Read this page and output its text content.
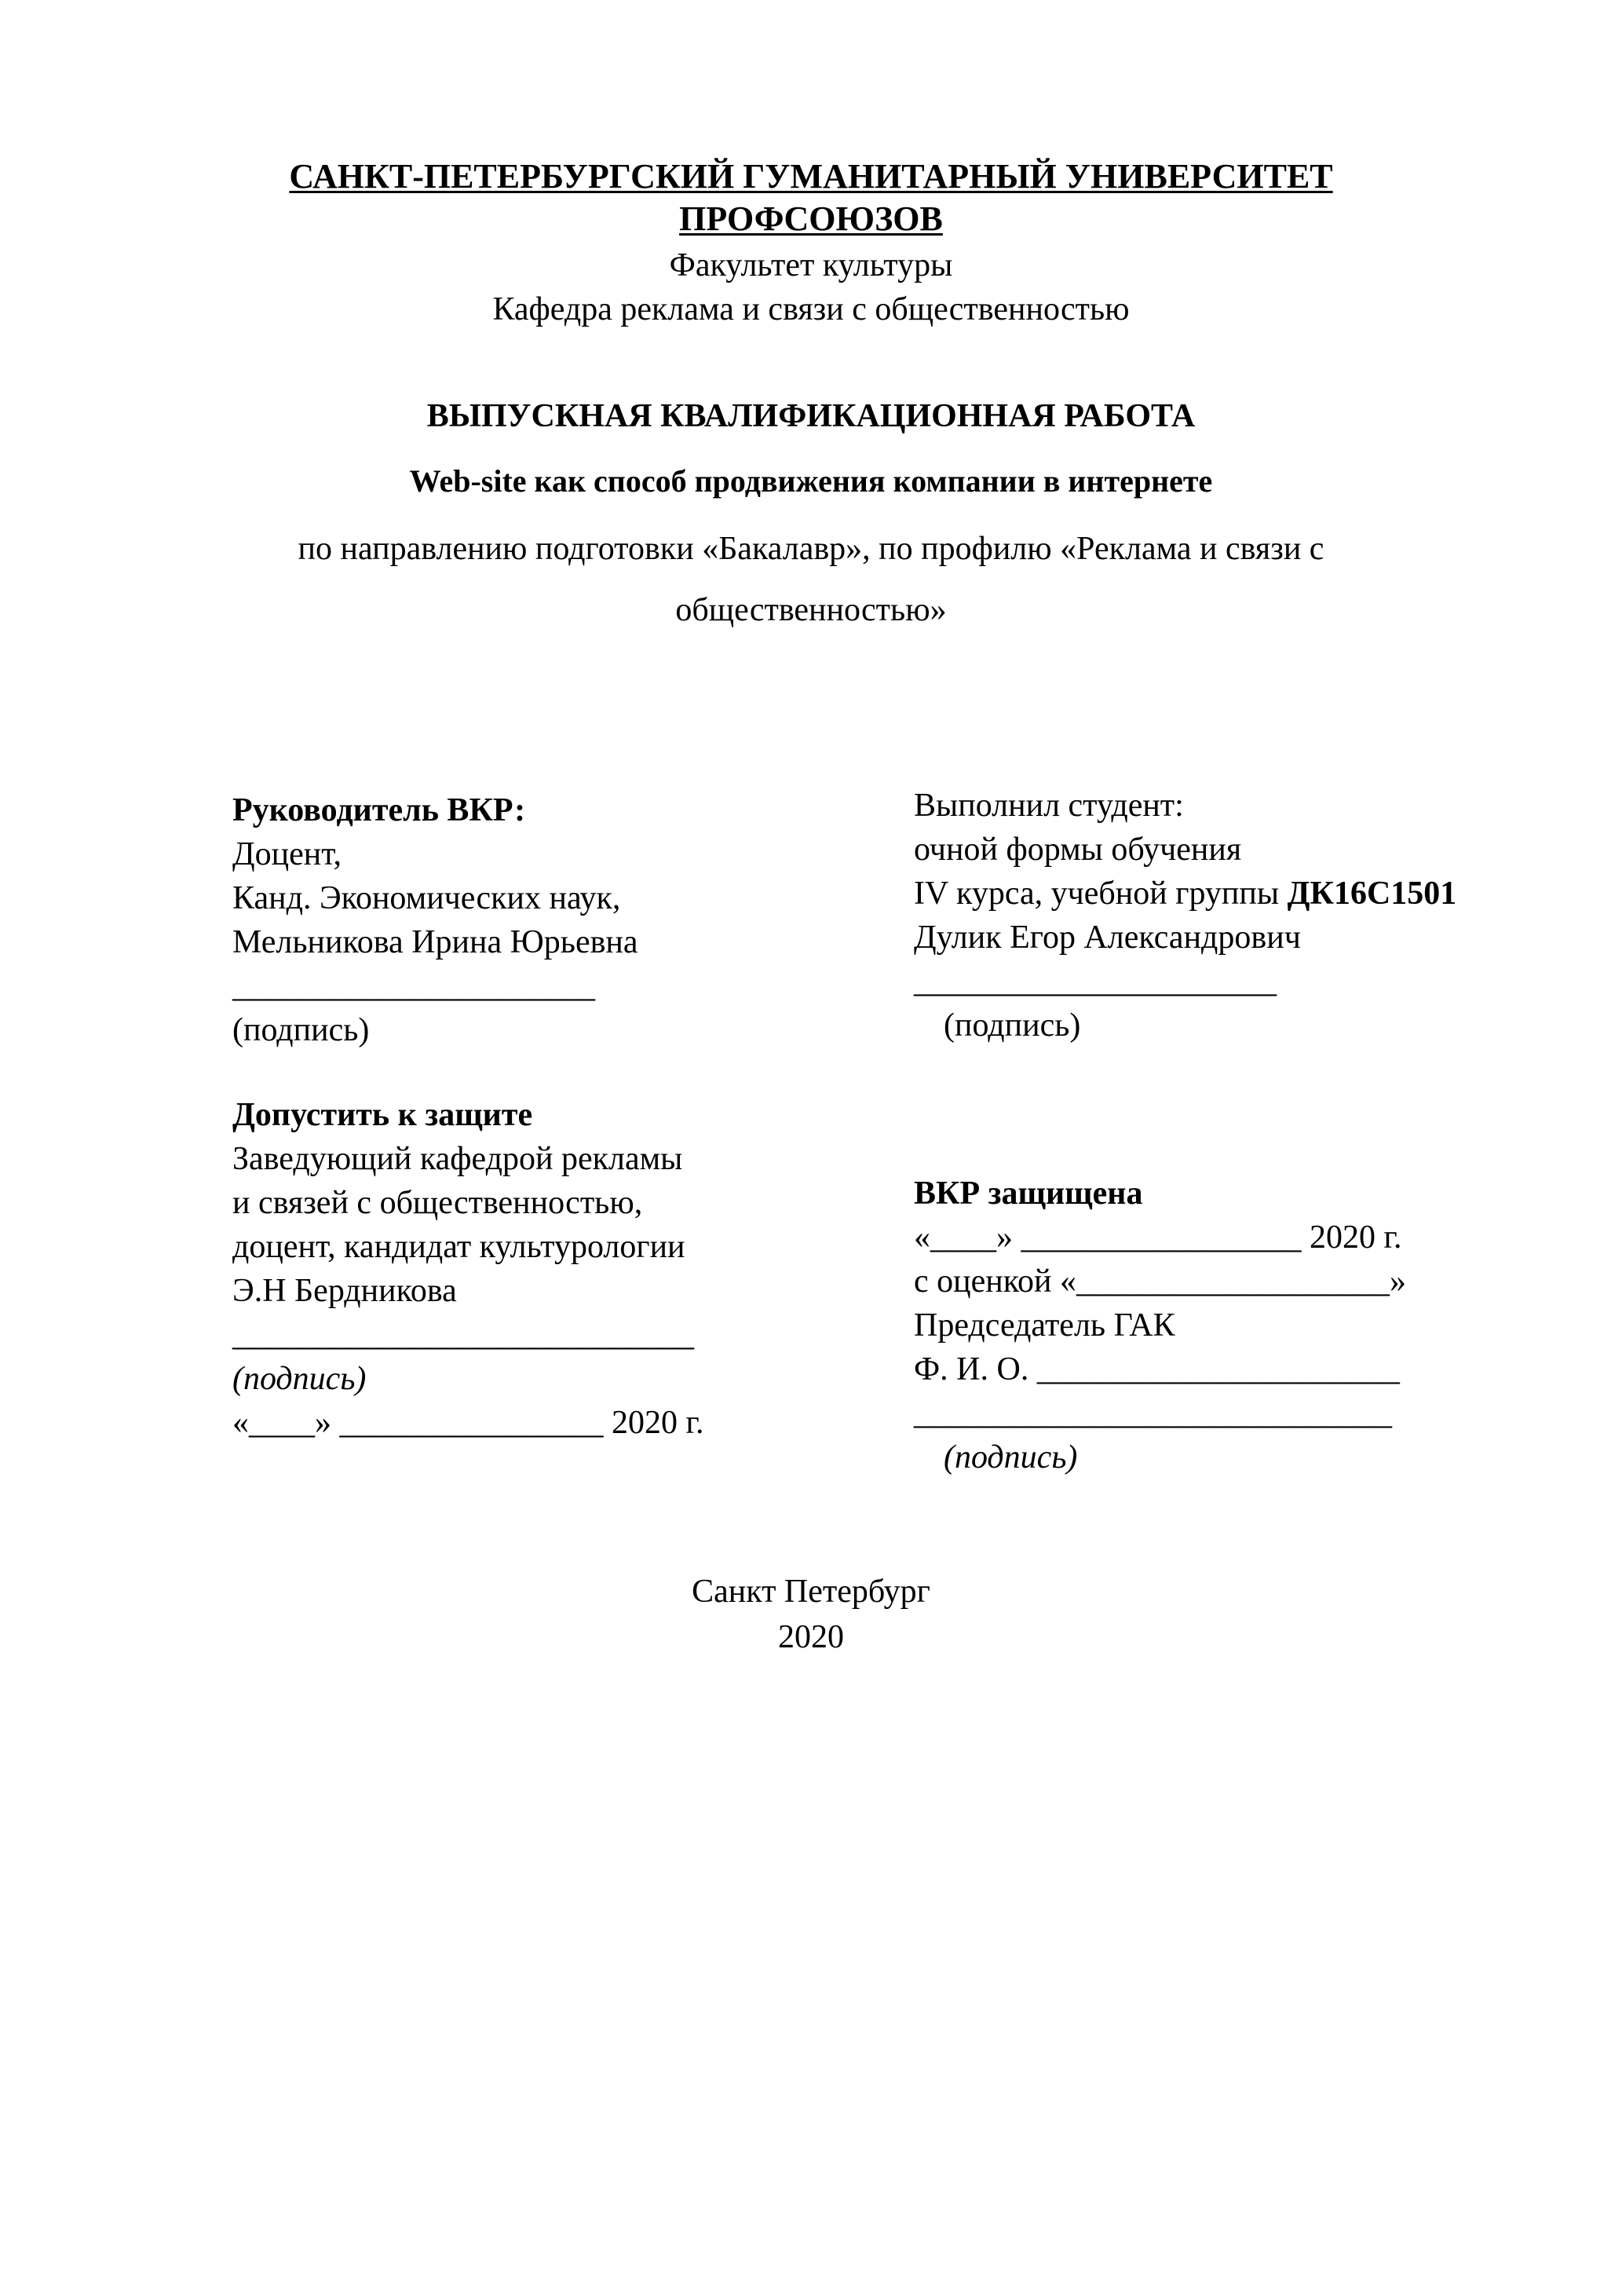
САНКТ-ПЕТЕРБУРГСКИЙ ГУМАНИТАРНЫЙ УНИВЕРСИТЕТ
ПРОФСОЮЗОВ
Факультет культуры
Кафедра реклама и связи с общественностью
ВЫПУСКНАЯ КВАЛИФИКАЦИОННАЯ РАБОТА
Web-site как способ продвижения компании в интернете
по направлению подготовки «Бакалавр», по профилю «Реклама и связи с
общественностью»
Руководитель ВКР:
Доцент,
Канд. Экономических наук,
Мельникова Ирина Юрьевна
______________________
(подпись)
Допустить к защите
Заведующий кафедрой рекламы
и связей с общественностью,
доцент, кандидат культурологии
Э.Н Бердникова
____________________________
(подпись)
«____» ________________ 2020 г.
Выполнил студент:
очной формы обучения
IV курса, учебной группы ДК16С1501
Дулик Егор Александрович
______________________
(подпись)
ВКР защищена
«____» _________________ 2020 г.
с оценкой «___________________»
Председатель ГАК
Ф. И. О. ______________________
_____________________________
(подпись)
Санкт Петербург
2020
